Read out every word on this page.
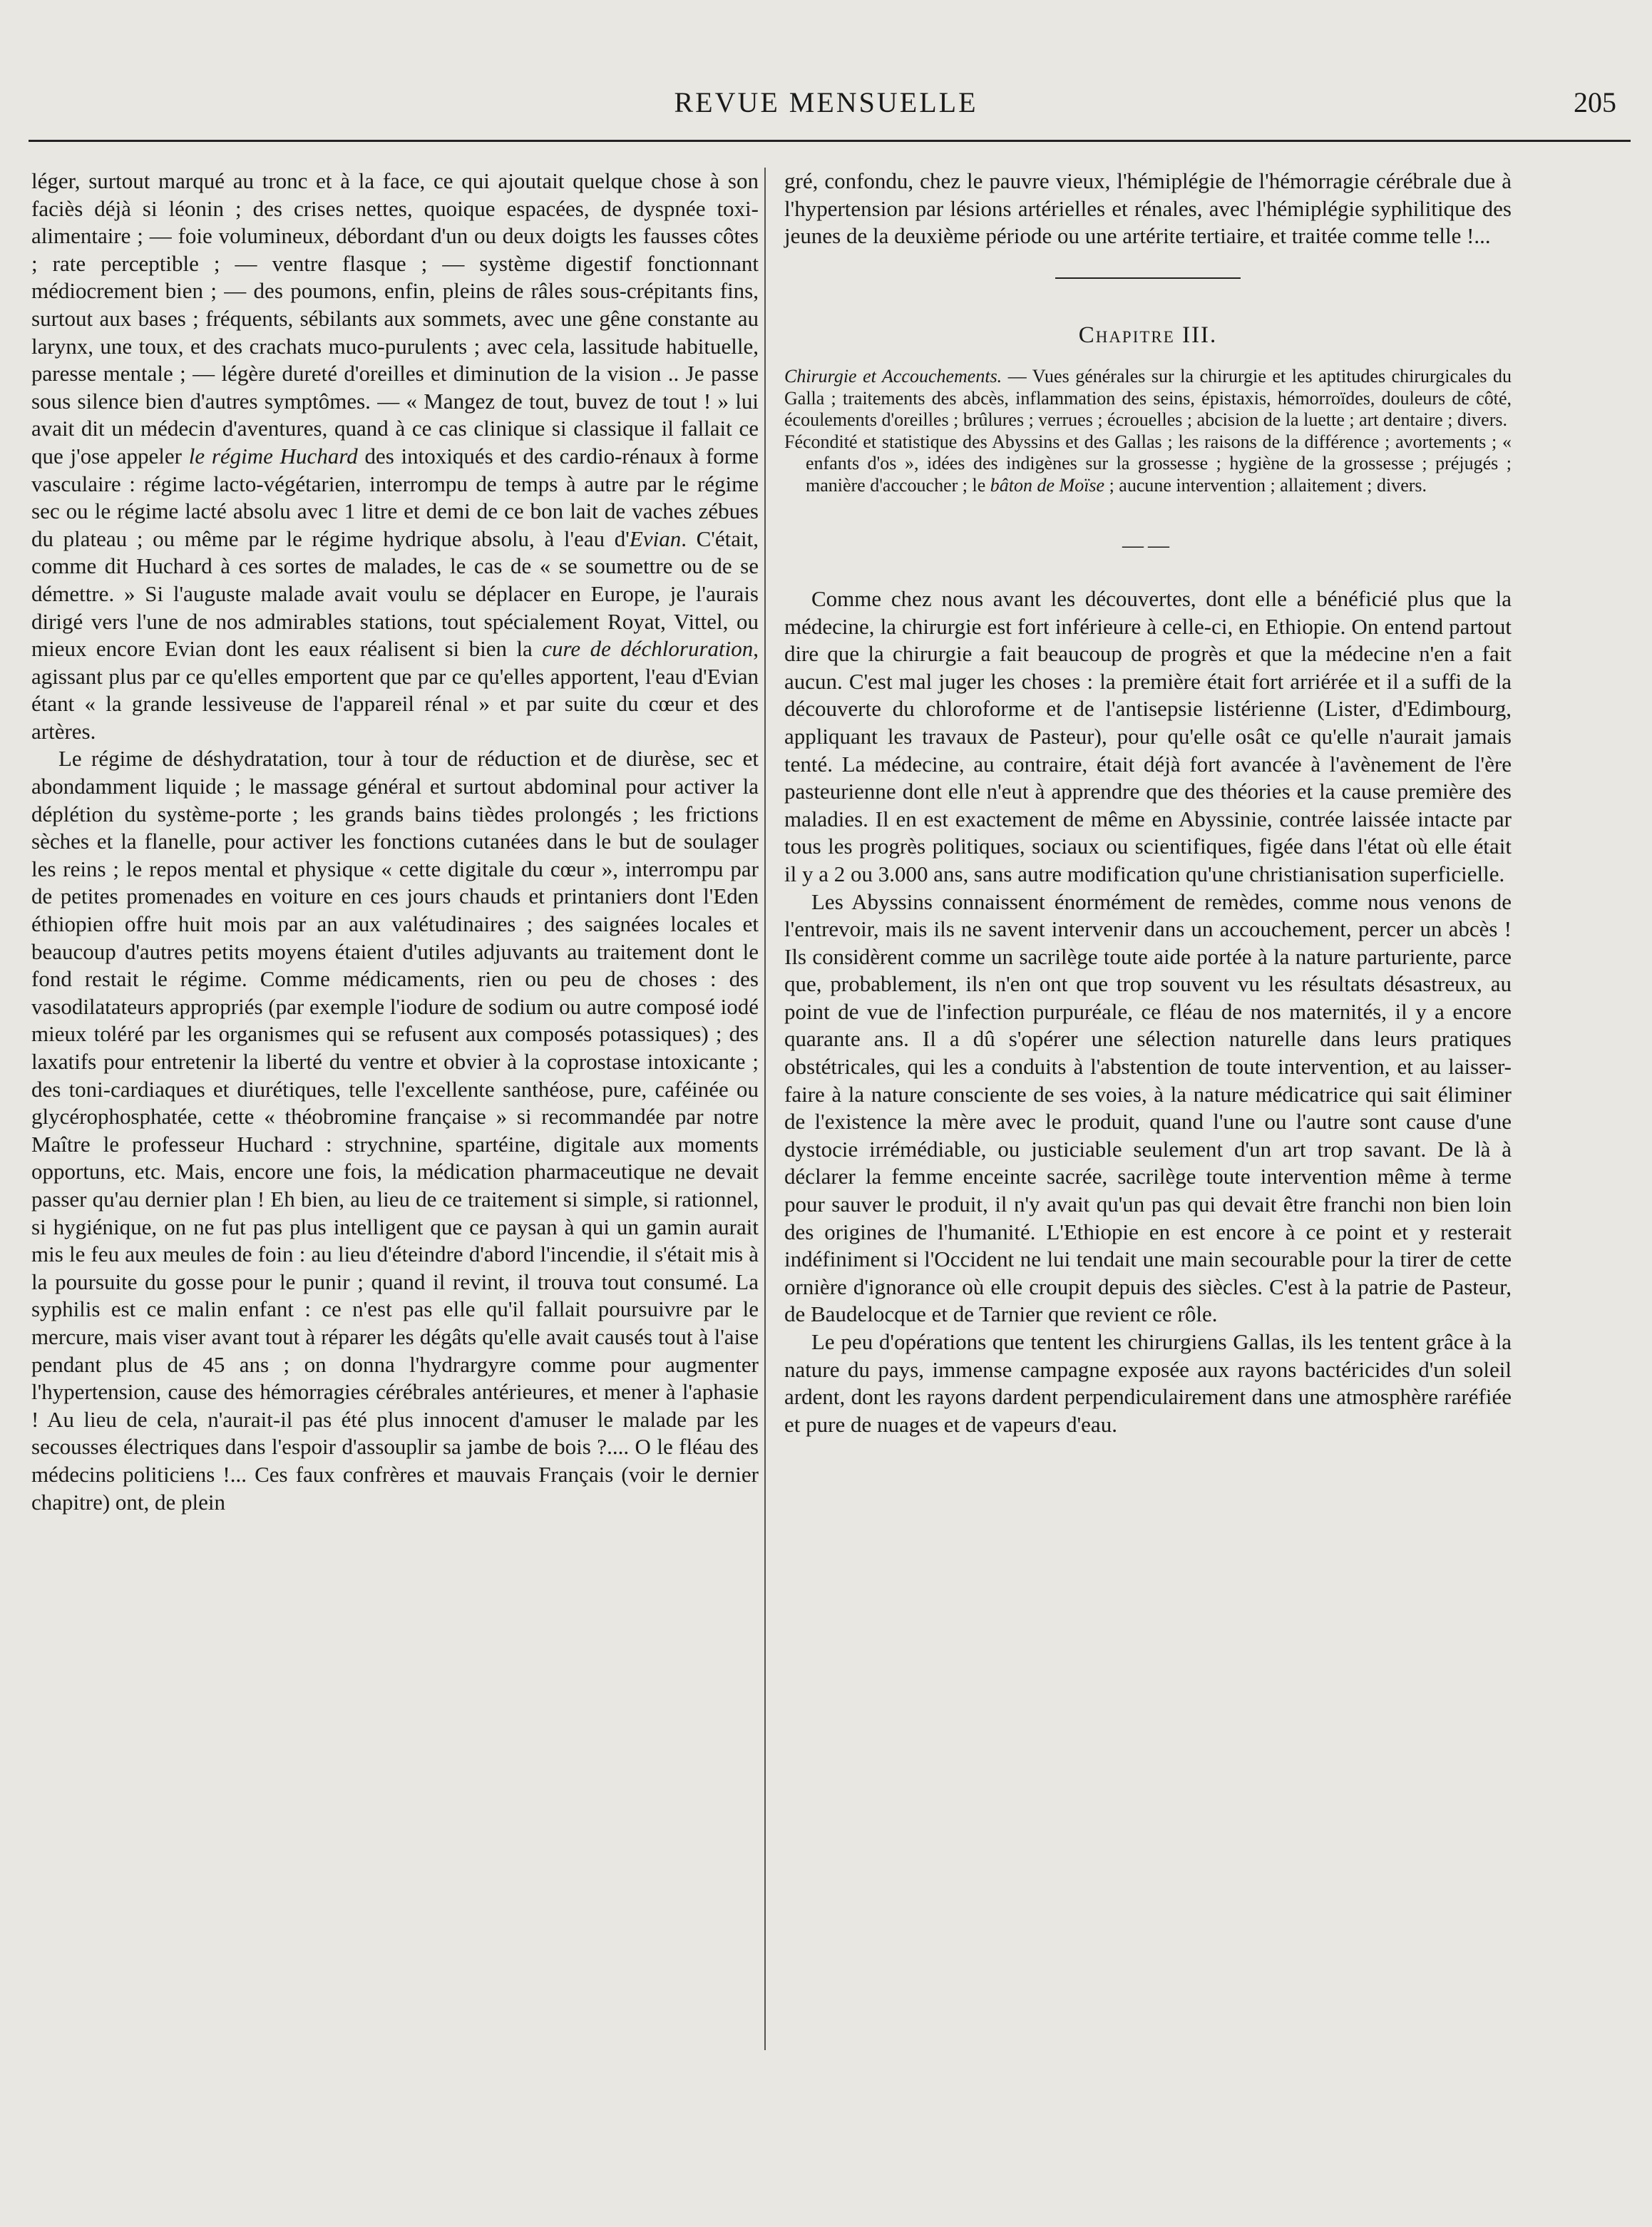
REVUE MENSUELLE	205

léger, surtout marqué au tronc et à la face, ce qui ajoutait quelque chose à son faciès déjà si léonin ; des crises nettes, quoique espacées, de dyspnée toxi-alimentaire ; — foie volumineux, débordant d'un ou deux doigts les fausses côtes ; rate perceptible ; — ventre flasque ; — système digestif fonctionnant médiocrement bien ; — des poumons, enfin, pleins de râles sous-crépitants fins, surtout aux bases ; fréquents, sébilants aux sommets, avec une gêne constante au larynx, une toux, et des crachats muco-purulents ; avec cela, lassitude habituelle, paresse mentale ; — légère dureté d'oreilles et diminution de la vision .. Je passe sous silence bien d'autres symptômes. — « Mangez de tout, buvez de tout ! » lui avait dit un médecin d'aventures, quand à ce cas clinique si classique il fallait ce que j'ose appeler le régime Huchard des intoxiqués et des cardio-rénaux à forme vasculaire : régime lacto-végétarien, interrompu de temps à autre par le régime sec ou le régime lacté absolu avec 1 litre et demi de ce bon lait de vaches zébues du plateau ; ou même par le régime hydrique absolu, à l'eau d'Evian. C'était, comme dit Huchard à ces sortes de malades, le cas de « se soumettre ou de se démettre. » Si l'auguste malade avait voulu se déplacer en Europe, je l'aurais dirigé vers l'une de nos admirables stations, tout spécialement Royat, Vittel, ou mieux encore Evian dont les eaux réalisent si bien la cure de déchloruration, agissant plus par ce qu'elles emportent que par ce qu'elles apportent, l'eau d'Evian étant « la grande lessiveuse de l'appareil rénal » et par suite du cœur et des artères.

Le régime de déshydratation, tour à tour de réduction et de diurèse, sec et abondamment liquide ; le massage général et surtout abdominal pour activer la déplétion du système-porte ; les grands bains tièdes prolongés ; les frictions sèches et la flanelle, pour activer les fonctions cutanées dans le but de soulager les reins ; le repos mental et physique « cette digitale du cœur », interrompu par de petites promenades en voiture en ces jours chauds et printaniers dont l'Eden éthiopien offre huit mois par an aux valétudinaires ; des saignées locales et beaucoup d'autres petits moyens étaient d'utiles adjuvants au traitement dont le fond restait le régime. Comme médicaments, rien ou peu de choses : des vasodilatateurs appropriés (par exemple l'iodure de sodium ou autre composé iodé mieux toléré par les organismes qui se refusent aux composés potassiques) ; des laxatifs pour entretenir la liberté du ventre et obvier à la coprostase intoxicante ; des toni-cardiaques et diurétiques, telle l'excellente santhéose, pure, caféinée ou glycérophosphatée, cette « théobromine française » si recommandée par notre Maître le professeur Huchard : strychnine, spartéine, digitale aux moments opportuns, etc. Mais, encore une fois, la médication pharmaceutique ne devait passer qu'au dernier plan ! Eh bien, au lieu de ce traitement si simple, si rationnel, si hygiénique, on ne fut pas plus intelligent que ce paysan à qui un gamin aurait mis le feu aux meules de foin : au lieu d'éteindre d'abord l'incendie, il s'était mis à la poursuite du gosse pour le punir ; quand il revint, il trouva tout consumé. La syphilis est ce malin enfant : ce n'est pas elle qu'il fallait poursuivre par le mercure, mais viser avant tout à réparer les dégâts qu'elle avait causés tout à l'aise pendant plus de 45 ans ; on donna l'hydrargyre comme pour augmenter l'hypertension, cause des hémorragies cérébrales antérieures, et mener à l'aphasie ! Au lieu de cela, n'aurait-il pas été plus innocent d'amuser le malade par les secousses électriques dans l'espoir d'assouplir sa jambe de bois ?.... O le fléau des médecins politiciens !... Ces faux confrères et mauvais Français (voir le dernier chapitre) ont, de plein

gré, confondu, chez le pauvre vieux, l'hémiplégie de l'hémorragie cérébrale due à l'hypertension par lésions artérielles et rénales, avec l'hémiplégie syphilitique des jeunes de la deuxième période ou une artérite tertiaire, et traitée comme telle !...

Chapitre III.

Chirurgie et Accouchements. — Vues générales sur la chirurgie et les aptitudes chirurgicales du Galla ; traitements des abcès, inflammation des seins, épistaxis, hémorroïdes, douleurs de côté, écoulements d'oreilles ; brûlures ; verrues ; écrouelles ; abcision de la luette ; art dentaire ; divers.

Fécondité et statistique des Abyssins et des Gallas ; les raisons de la différence ; avortements ; « enfants d'os », idées des indigènes sur la grossesse ; hygiène de la grossesse ; préjugés ; manière d'accoucher ; le bâton de Moïse ; aucune intervention ; allaitement ; divers.

——

Comme chez nous avant les découvertes, dont elle a bénéficié plus que la médecine, la chirurgie est fort inférieure à celle-ci, en Ethiopie. On entend partout dire que la chirurgie a fait beaucoup de progrès et que la médecine n'en a fait aucun. C'est mal juger les choses : la première était fort arriérée et il a suffi de la découverte du chloroforme et de l'antisepsie listérienne (Lister, d'Edimbourg, appliquant les travaux de Pasteur), pour qu'elle osât ce qu'elle n'aurait jamais tenté. La médecine, au contraire, était déjà fort avancée à l'avènement de l'ère pasteurienne dont elle n'eut à apprendre que des théories et la cause première des maladies. Il en est exactement de même en Abyssinie, contrée laissée intacte par tous les progrès politiques, sociaux ou scientifiques, figée dans l'état où elle était il y a 2 ou 3.000 ans, sans autre modification qu'une christianisation superficielle.

Les Abyssins connaissent énormément de remèdes, comme nous venons de l'entrevoir, mais ils ne savent intervenir dans un accouchement, percer un abcès ! Ils considèrent comme un sacrilège toute aide portée à la nature parturiente, parce que, probablement, ils n'en ont que trop souvent vu les résultats désastreux, au point de vue de l'infection purpuréale, ce fléau de nos maternités, il y a encore quarante ans. Il a dû s'opérer une sélection naturelle dans leurs pratiques obstétricales, qui les a conduits à l'abstention de toute intervention, et au laisser-faire à la nature consciente de ses voies, à la nature médicatrice qui sait éliminer de l'existence la mère avec le produit, quand l'une ou l'autre sont cause d'une dystocie irrémédiable, ou justiciable seulement d'un art trop savant. De là à déclarer la femme enceinte sacrée, sacrilège toute intervention même à terme pour sauver le produit, il n'y avait qu'un pas qui devait être franchi non bien loin des origines de l'humanité. L'Ethiopie en est encore à ce point et y resterait indéfiniment si l'Occident ne lui tendait une main secourable pour la tirer de cette ornière d'ignorance où elle croupit depuis des siècles. C'est à la patrie de Pasteur, de Baudelocque et de Tarnier que revient ce rôle.

Le peu d'opérations que tentent les chirurgiens Gallas, ils les tentent grâce à la nature du pays, immense campagne exposée aux rayons bactéricides d'un soleil ardent, dont les rayons dardent perpendiculairement dans une atmosphère raréfiée et pure de nuages et de vapeurs d'eau.
